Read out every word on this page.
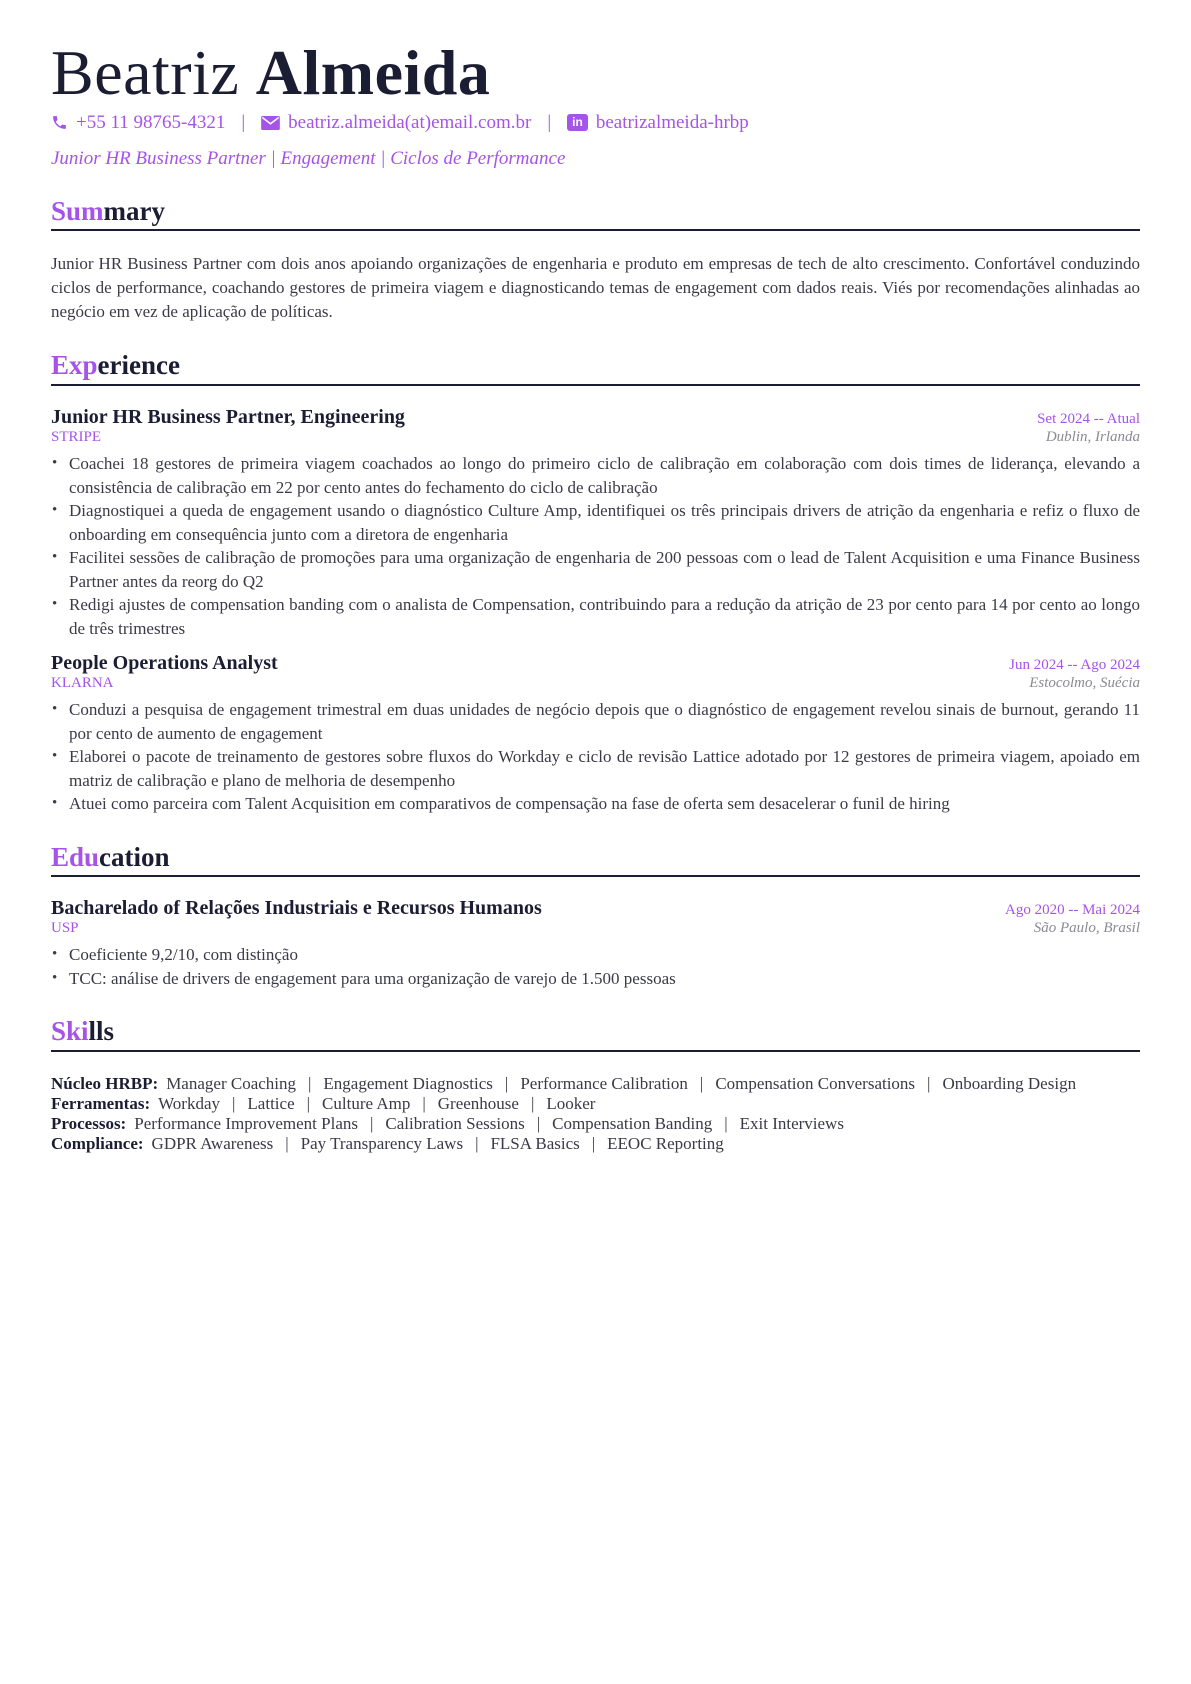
Beatriz Almeida
+55 11 98765-4321 | beatriz.almeida(at)email.com.br |	in beatrizalmeida-hrbp
Junior HR Business Partner | Engagement | Ciclos de Performance
Summary
Junior HR Business Partner com dois anos apoiando organizações de engenharia e produto em empresas de tech de alto crescimento. Confortável conduzindo ciclos de performance, coachando gestores de primeira viagem e diagnosticando temas de engagement com dados reais. Viés por recomendações alinhadas ao negócio em vez de aplicação de políticas.
Experience
Junior HR Business Partner, Engineering	Set 2024 -- Atual
STRIPE	Dublin, Irlanda
• Coachei 18 gestores de primeira viagem coachados ao longo do primeiro ciclo de calibração em colaboração com dois times de liderança, elevando a consistência de calibração em 22 por cento antes do fechamento do ciclo de calibração
• Diagnostiquei a queda de engagement usando o diagnóstico Culture Amp, identifiquei os três principais drivers de atrição da engenharia e refiz o fluxo de onboarding em consequência junto com a diretora de engenharia
• Facilitei sessões de calibração de promoções para uma organização de engenharia de 200 pessoas com o lead de Talent Acquisition e uma Finance Business Partner antes da reorg do Q2
• Redigi ajustes de compensation banding com o analista de Compensation, contribuindo para a redução da atrição de 23 por cento para 14 por cento ao longo de três trimestres
People Operations Analyst	Jun 2024 -- Ago 2024
KLARNA	Estocolmo, Suécia
• Conduzi a pesquisa de engagement trimestral em duas unidades de negócio depois que o diagnóstico de engagement revelou sinais de burnout, gerando 11 por cento de aumento de engagement
• Elaborei o pacote de treinamento de gestores sobre fluxos do Workday e ciclo de revisão Lattice adotado por 12 gestores de primeira viagem, apoiado em matriz de calibração e plano de melhoria de desempenho
• Atuei como parceira com Talent Acquisition em comparativos de compensação na fase de oferta sem desacelerar o funil de hiring
Education
Bacharelado of Relações Industriais e Recursos Humanos	Ago 2020 -- Mai 2024
USP	São Paulo, Brasil
• Coeficiente 9,2/10, com distinção
• TCC: análise de drivers de engagement para uma organização de varejo de 1.500 pessoas
Skills

Núcleo HRBP: Manager Coaching | Engagement Diagnostics | Performance Calibration | Compensation Conversations | Onboarding Design

Ferramentas: Workday | Lattice | Culture Amp | Greenhouse | Looker

Processos: Performance Improvement Plans | Calibration Sessions | Compensation Banding | Exit Interviews

Compliance: GDPR Awareness | Pay Transparency Laws | FLSA Basics | EEOC Reporting
